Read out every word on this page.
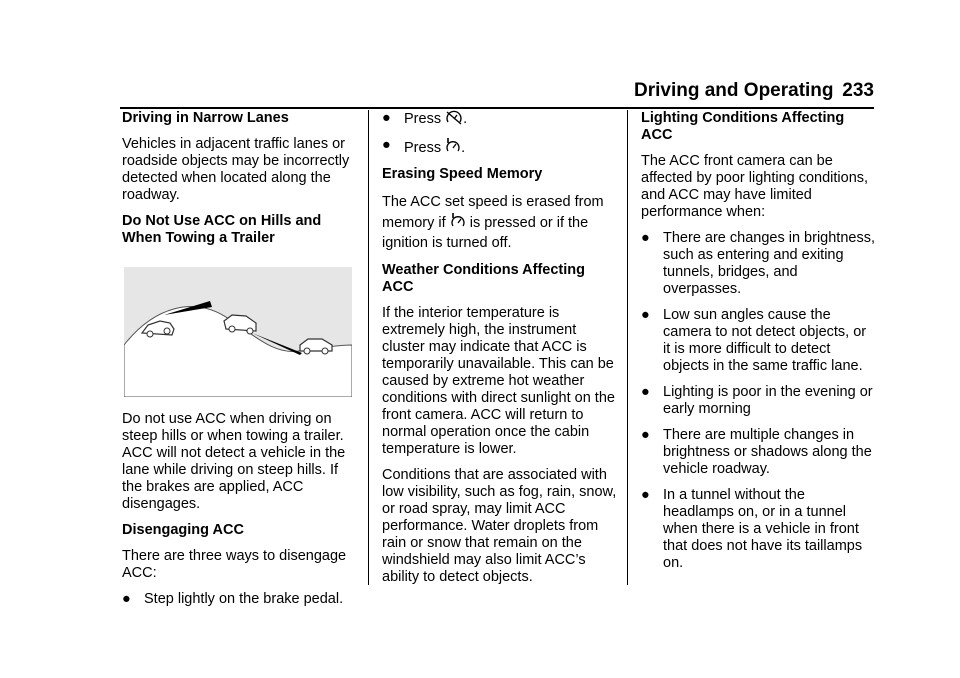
Driving and Operating 233
Driving in Narrow Lanes

Vehicles in adjacent traffic lanes or roadside objects may be incorrectly detected when located along the roadway.

Do Not Use ACC on Hills and When Towing a Trailer

Do not use ACC when driving on steep hills or when towing a trailer. ACC will not detect a vehicle in the lane while driving on steep hills. If the brakes are applied, ACC disengages.

Disengaging ACC

There are three ways to disengage ACC:

● Step lightly on the brake pedal.
● Press .
● Press .
Erasing Speed Memory

The ACC set speed is erased from memory if is pressed or if the ignition is turned off.

Weather Conditions Affecting ACC

If the interior temperature is extremely high, the instrument cluster may indicate that ACC is temporarily unavailable. This can be caused by extreme hot weather conditions with direct sunlight on the front camera. ACC will return to normal operation once the cabin temperature is lower.

Conditions that are associated with low visibility, such as fog, rain, snow, or road spray, may limit ACC performance. Water droplets from rain or snow that remain on the windshield may also limit ACC’s ability to detect objects.

Lighting Conditions Affecting ACC

The ACC front camera can be affected by poor lighting conditions, and ACC may have limited performance when:

● There are changes in brightness, such as entering and exiting tunnels, bridges, and overpasses.
● Low sun angles cause the camera to not detect objects, or it is more difficult to detect objects in the same traffic lane.
● Lighting is poor in the evening or early morning
● There are multiple changes in brightness or shadows along the vehicle roadway.
● In a tunnel without the headlamps on, or in a tunnel when there is a vehicle in front that does not have its taillamps on.
